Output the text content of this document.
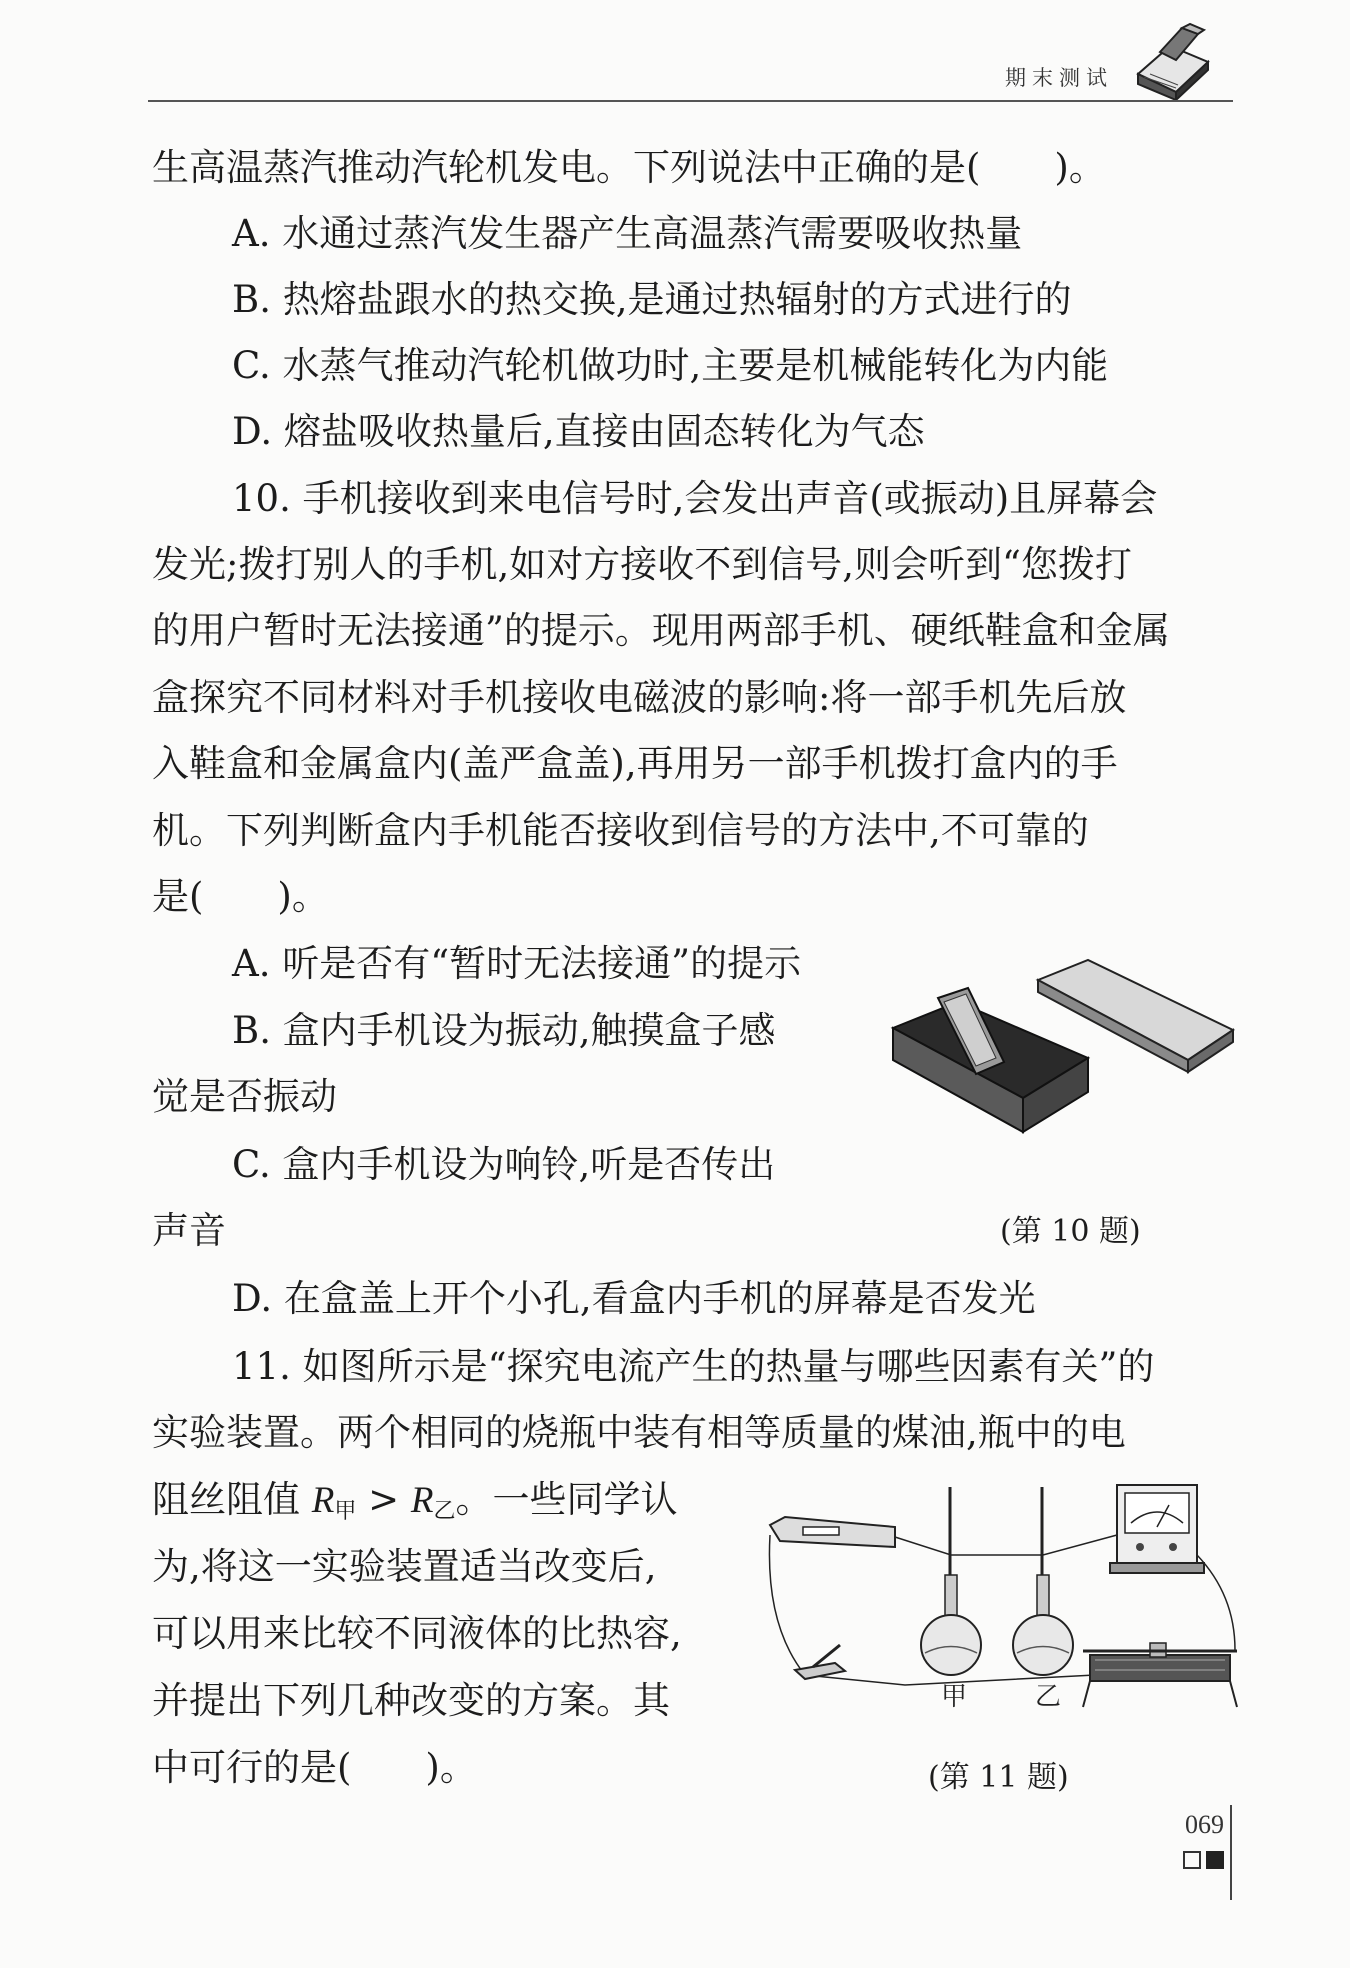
期末测试
生高温蒸汽推动汽轮机发电。下列说法中正确的是(　　)。
A. 水通过蒸汽发生器产生高温蒸汽需要吸收热量
B. 热熔盐跟水的热交换,是通过热辐射的方式进行的
C. 水蒸气推动汽轮机做功时,主要是机械能转化为内能
D. 熔盐吸收热量后,直接由固态转化为气态
10. 手机接收到来电信号时,会发出声音(或振动)且屏幕会
发光;拨打别人的手机,如对方接收不到信号,则会听到“您拨打
的用户暂时无法接通”的提示。现用两部手机、硬纸鞋盒和金属
盒探究不同材料对手机接收电磁波的影响:将一部手机先后放
入鞋盒和金属盒内(盖严盒盖),再用另一部手机拨打盒内的手
机。下列判断盒内手机能否接收到信号的方法中,不可靠的
是(　　)。
A. 听是否有“暂时无法接通”的提示
B. 盒内手机设为振动,触摸盒子感
觉是否振动
C. 盒内手机设为响铃,听是否传出
声音
D. 在盒盖上开个小孔,看盒内手机的屏幕是否发光
(第 10 题)
11. 如图所示是“探究电流产生的热量与哪些因素有关”的
实验装置。两个相同的烧瓶中装有相等质量的煤油,瓶中的电
阻丝阻值 $R_甲 > R_乙$。一些同学认
为,将这一实验装置适当改变后,
可以用来比较不同液体的比热容,
并提出下列几种改变的方案。其
中可行的是(　　)。
甲	乙
(第 11 题)
069
